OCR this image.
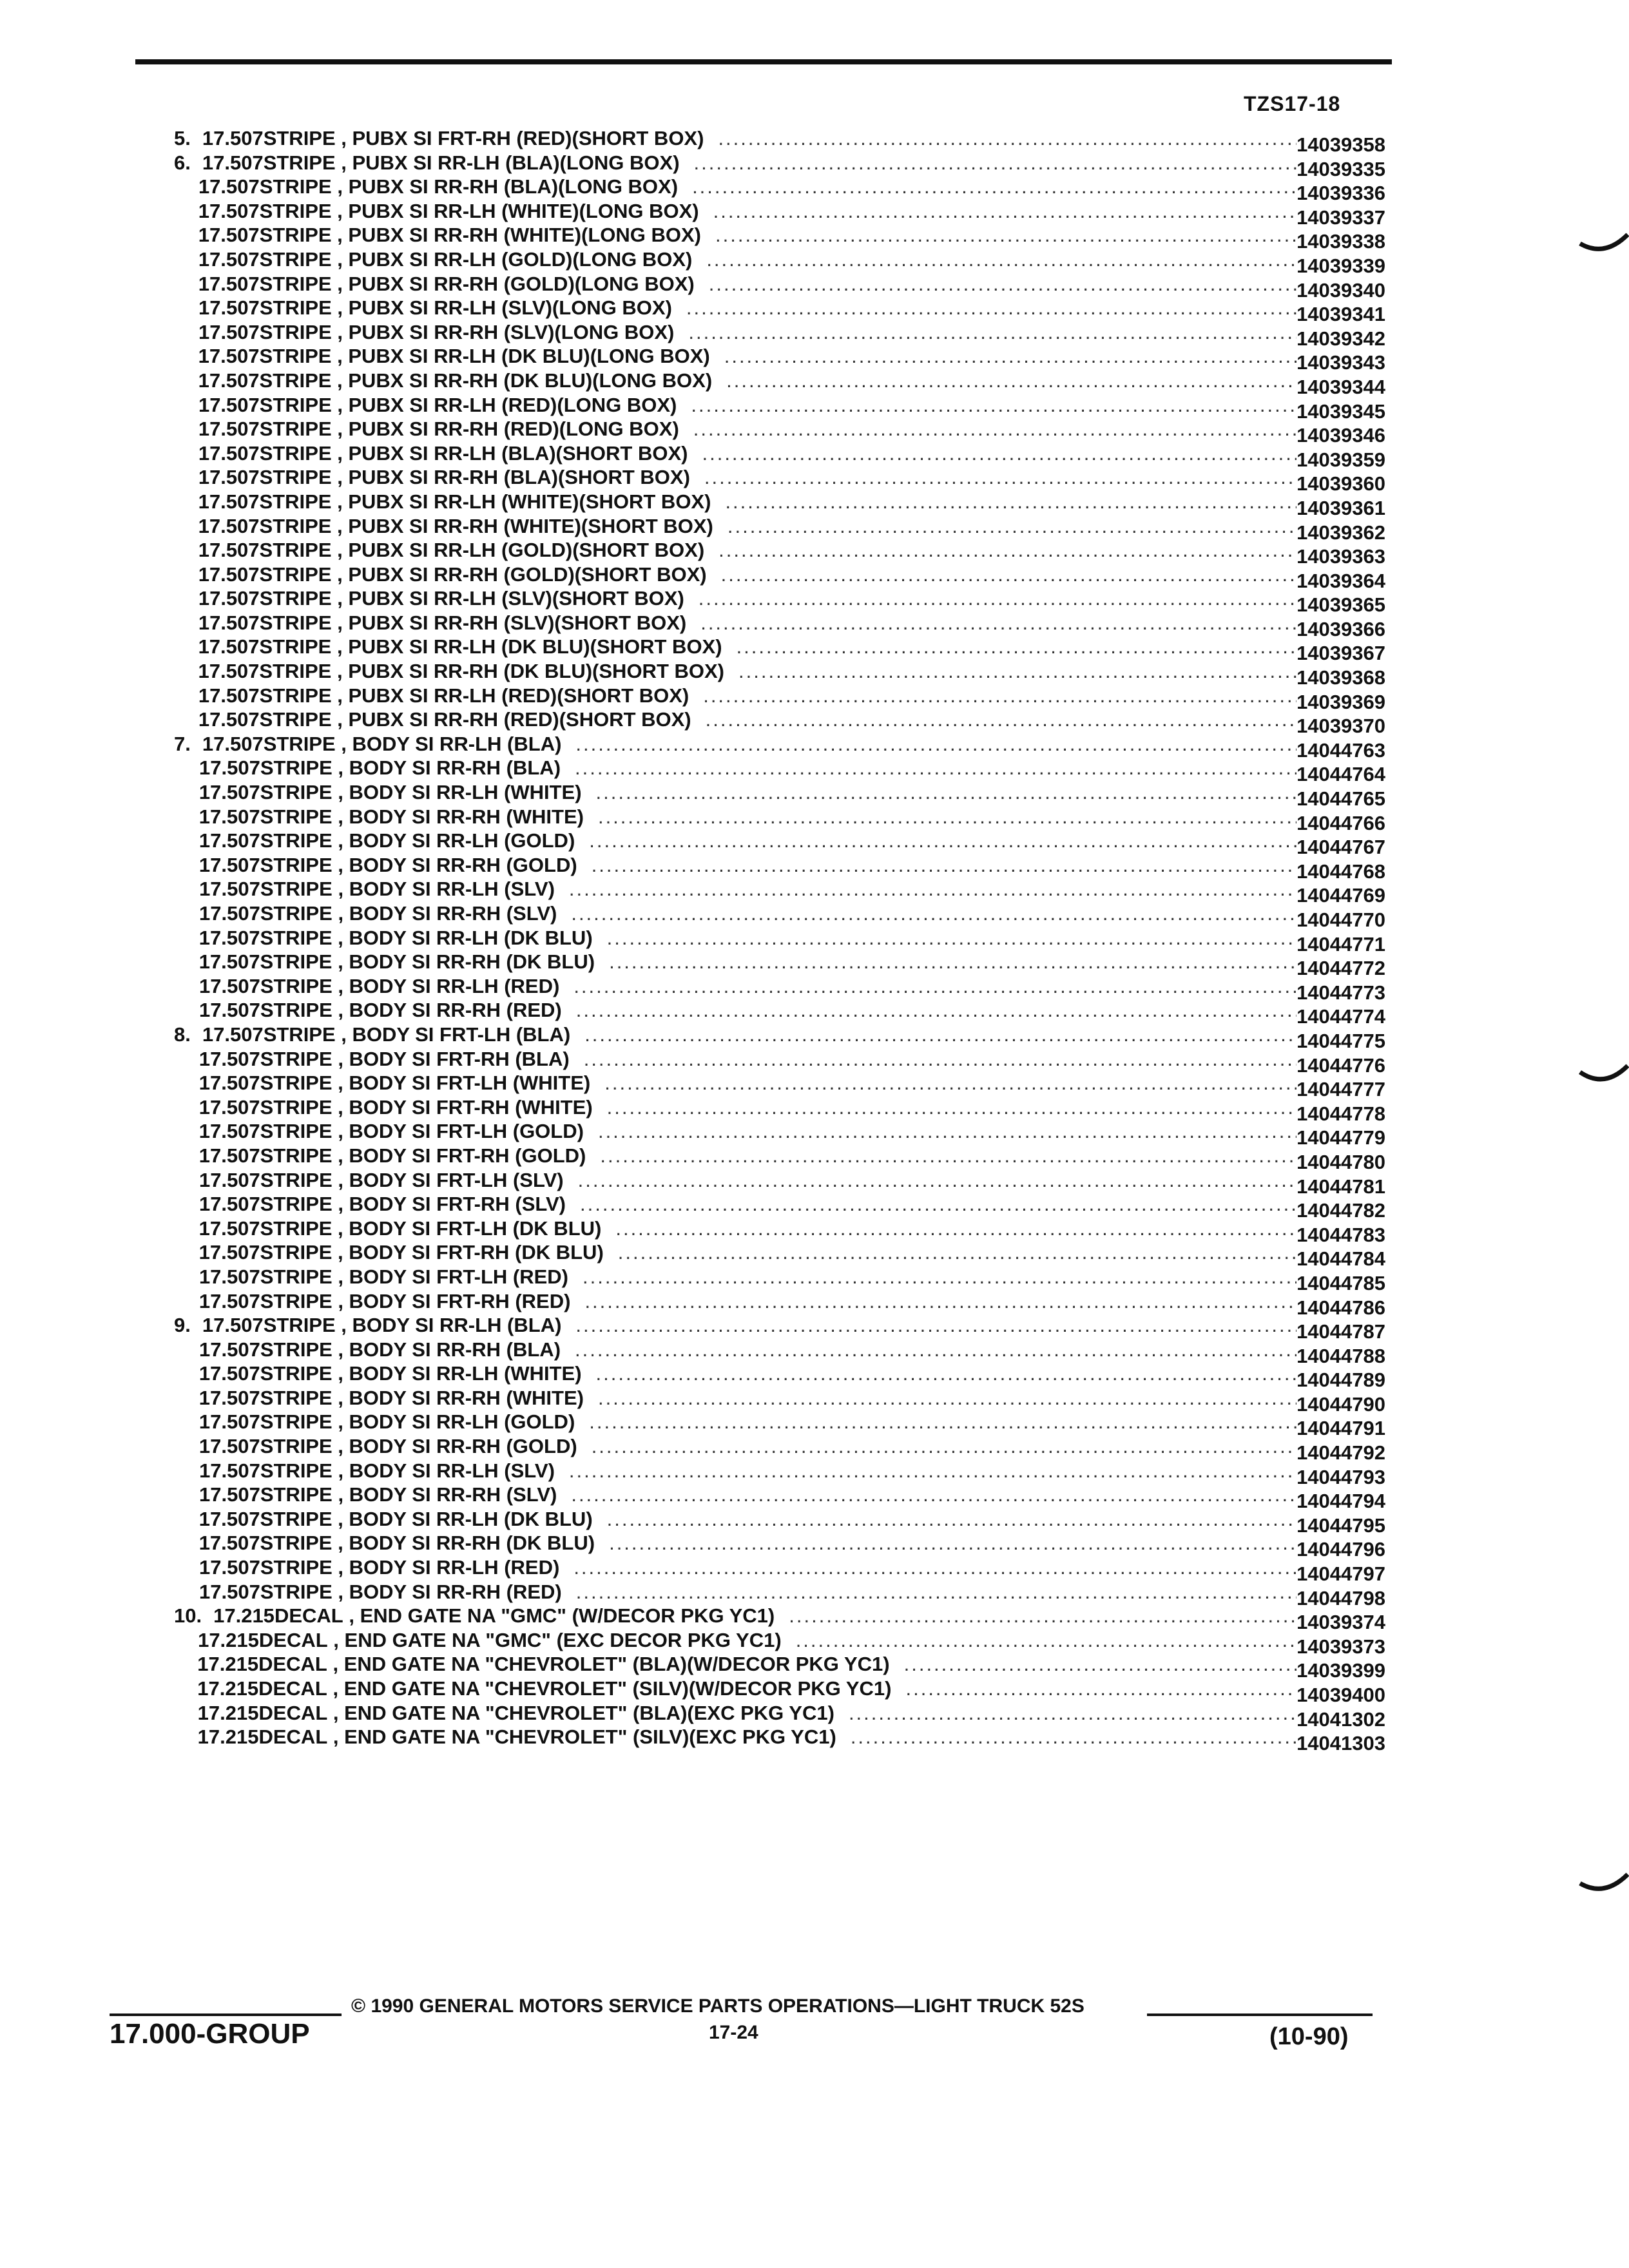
TZS17-18
5. 17.507 STRIPE , PUBX SI FRT-RH (RED)(SHORT BOX) .....	14039358
6. 17.507 STRIPE , PUBX SI RR-LH (BLA)(LONG BOX) .....	14039335
17.507 STRIPE , PUBX SI RR-RH (BLA)(LONG BOX) .....	14039336
17.507 STRIPE , PUBX SI RR-LH (WHITE)(LONG BOX) .....	14039337
17.507 STRIPE , PUBX SI RR-RH (WHITE)(LONG BOX) .....	14039338
17.507 STRIPE , PUBX SI RR-LH (GOLD)(LONG BOX) .....	14039339
17.507 STRIPE , PUBX SI RR-RH (GOLD)(LONG BOX) .....	14039340
17.507 STRIPE , PUBX SI RR-LH (SLV)(LONG BOX) .....	14039341
17.507 STRIPE , PUBX SI RR-RH (SLV)(LONG BOX) .....	14039342
17.507 STRIPE , PUBX SI RR-LH (DK BLU)(LONG BOX) .....	14039343
17.507 STRIPE , PUBX SI RR-RH (DK BLU)(LONG BOX) .....	14039344
17.507 STRIPE , PUBX SI RR-LH (RED)(LONG BOX) .....	14039345
17.507 STRIPE , PUBX SI RR-RH (RED)(LONG BOX) .....	14039346
17.507 STRIPE , PUBX SI RR-LH (BLA)(SHORT BOX) .....	14039359
17.507 STRIPE , PUBX SI RR-RH (BLA)(SHORT BOX) .....	14039360
17.507 STRIPE , PUBX SI RR-LH (WHITE)(SHORT BOX) .....	14039361
17.507 STRIPE , PUBX SI RR-RH (WHITE)(SHORT BOX) .....	14039362
17.507 STRIPE , PUBX SI RR-LH (GOLD)(SHORT BOX) .....	14039363
17.507 STRIPE , PUBX SI RR-RH (GOLD)(SHORT BOX) .....	14039364
17.507 STRIPE , PUBX SI RR-LH (SLV)(SHORT BOX) .....	14039365
17.507 STRIPE , PUBX SI RR-RH (SLV)(SHORT BOX) .....	14039366
17.507 STRIPE , PUBX SI RR-LH (DK BLU)(SHORT BOX) .....	14039367
17.507 STRIPE , PUBX SI RR-RH (DK BLU)(SHORT BOX) .....	14039368
17.507 STRIPE , PUBX SI RR-LH (RED)(SHORT BOX) .....	14039369
17.507 STRIPE , PUBX SI RR-RH (RED)(SHORT BOX) .....	14039370
7. 17.507 STRIPE , BODY SI RR-LH (BLA) .....	14044763
17.507 STRIPE , BODY SI RR-RH (BLA) .....	14044764
17.507 STRIPE , BODY SI RR-LH (WHITE) .....	14044765
17.507 STRIPE , BODY SI RR-RH (WHITE) .....	14044766
17.507 STRIPE , BODY SI RR-LH (GOLD) .....	14044767
17.507 STRIPE , BODY SI RR-RH (GOLD) .....	14044768
17.507 STRIPE , BODY SI RR-LH (SLV) .....	14044769
17.507 STRIPE , BODY SI RR-RH (SLV) .....	14044770
17.507 STRIPE , BODY SI RR-LH (DK BLU) .....	14044771
17.507 STRIPE , BODY SI RR-RH (DK BLU) .....	14044772
17.507 STRIPE , BODY SI RR-LH (RED) .....	14044773
17.507 STRIPE , BODY SI RR-RH (RED) .....	14044774
8. 17.507 STRIPE , BODY SI FRT-LH (BLA) .....	14044775
17.507 STRIPE , BODY SI FRT-RH (BLA) .....	14044776
17.507 STRIPE , BODY SI FRT-LH (WHITE) .....	14044777
17.507 STRIPE , BODY SI FRT-RH (WHITE) .....	14044778
17.507 STRIPE , BODY SI FRT-LH (GOLD) .....	14044779
17.507 STRIPE , BODY SI FRT-RH (GOLD) .....	14044780
17.507 STRIPE , BODY SI FRT-LH (SLV) .....	14044781
17.507 STRIPE , BODY SI FRT-RH (SLV) .....	14044782
17.507 STRIPE , BODY SI FRT-LH (DK BLU) .....	14044783
17.507 STRIPE , BODY SI FRT-RH (DK BLU) .....	14044784
17.507 STRIPE , BODY SI FRT-LH (RED) .....	14044785
17.507 STRIPE , BODY SI FRT-RH (RED) .....	14044786
9. 17.507 STRIPE , BODY SI RR-LH (BLA) .....	14044787
17.507 STRIPE , BODY SI RR-RH (BLA) .....	14044788
17.507 STRIPE , BODY SI RR-LH (WHITE) .....	14044789
17.507 STRIPE , BODY SI RR-RH (WHITE) .....	14044790
17.507 STRIPE , BODY SI RR-LH (GOLD) .....	14044791
17.507 STRIPE , BODY SI RR-RH (GOLD) .....	14044792
17.507 STRIPE , BODY SI RR-LH (SLV) .....	14044793
17.507 STRIPE , BODY SI RR-RH (SLV) .....	14044794
17.507 STRIPE , BODY SI RR-LH (DK BLU) .....	14044795
17.507 STRIPE , BODY SI RR-RH (DK BLU) .....	14044796
17.507 STRIPE , BODY SI RR-LH (RED) .....	14044797
17.507 STRIPE , BODY SI RR-RH (RED) .....	14044798
10. 17.215 DECAL , END GATE NA "GMC" (W/DECOR PKG YC1) .....	14039374
17.215 DECAL , END GATE NA "GMC" (EXC DECOR PKG YC1) .....	14039373
17.215 DECAL , END GATE NA "CHEVROLET" (BLA)(W/DECOR PKG YC1) .....	14039399
17.215 DECAL , END GATE NA "CHEVROLET" (SILV)(W/DECOR PKG YC1) .....	14039400
17.215 DECAL , END GATE NA "CHEVROLET" (BLA)(EXC PKG YC1) .....	14041302
17.215 DECAL , END GATE NA "CHEVROLET" (SILV)(EXC PKG YC1) .....	14041303
17.000-GROUP
© 1990 GENERAL MOTORS SERVICE PARTS OPERATIONS—LIGHT TRUCK 52S
17-24	(10-90)
